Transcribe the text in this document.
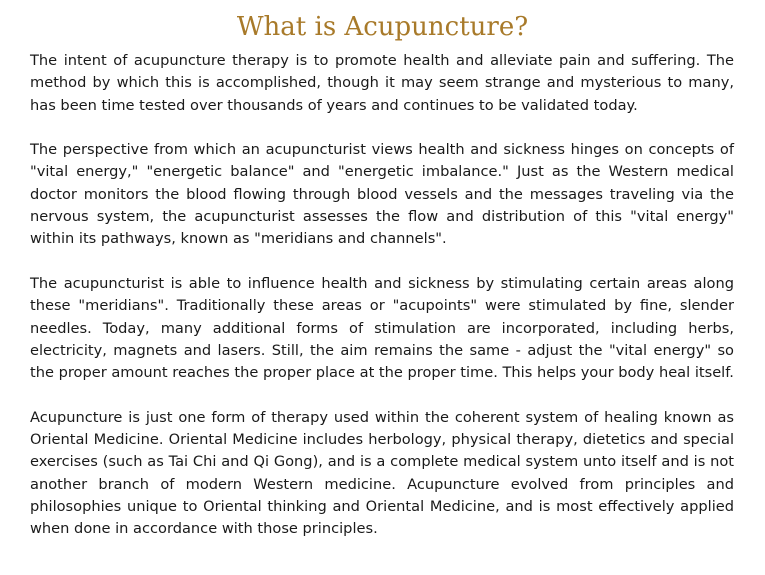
What is Acupuncture?

The intent of acupuncture therapy is to promote health and alleviate pain and suffering. The method by which this is accomplished, though it may seem strange and mysterious to many, has been time tested over thousands of years and continues to be validated today.

The perspective from which an acupuncturist views health and sickness hinges on concepts of "vital energy," "energetic balance" and "energetic imbalance." Just as the Western medical doctor monitors the blood flowing through blood vessels and the messages traveling via the nervous system, the acupuncturist assesses the flow and distribution of this "vital energy" within its pathways, known as "meridians and channels".

The acupuncturist is able to influence health and sickness by stimulating certain areas along these "meridians". Traditionally these areas or "acupoints" were stimulated by fine, slender needles. Today, many additional forms of stimulation are incorporated, including herbs, electricity, magnets and lasers. Still, the aim remains the same - adjust the "vital energy" so the proper amount reaches the proper place at the proper time. This helps your body heal itself.

Acupuncture is just one form of therapy used within the coherent system of healing known as Oriental Medicine. Oriental Medicine includes herbology, physical therapy, dietetics and special exercises (such as Tai Chi and Qi Gong), and is a complete medical system unto itself and is not another branch of modern Western medicine. Acupuncture evolved from principles and philosophies unique to Oriental thinking and Oriental Medicine, and is most effectively applied when done in accordance with those principles.
